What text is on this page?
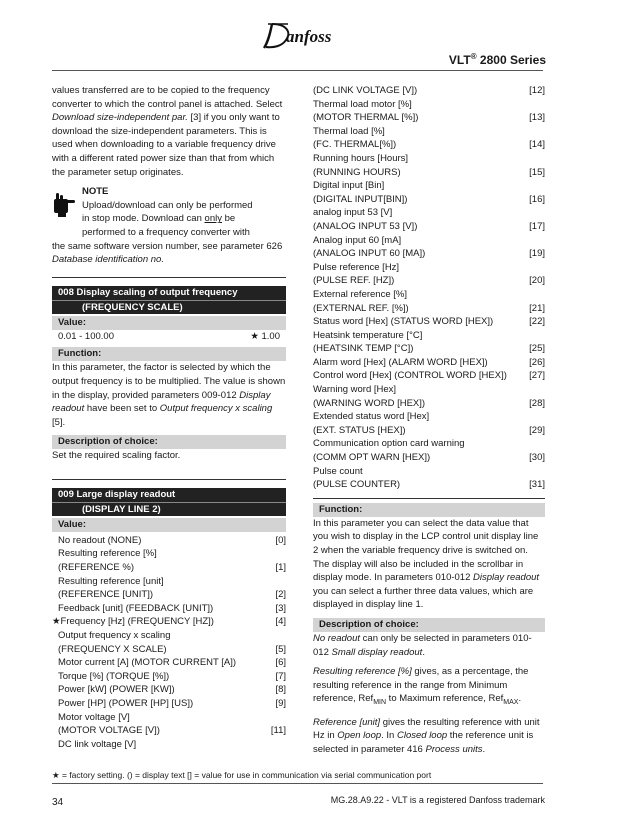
anfoss
VLT® 2800 Series

values transferred are to be copied to the frequency converter to which the control panel is attached. Select Download size-independent par. [3] if you only want to download the size-independent parameters. This is used when downloading to a variable frequency drive with a different rated power size than that from which the parameter setup originates.

NOTE
Upload/download can only be performed
in stop mode. Download can only be
performed to a frequency converter with
the same software version number, see parameter 626 Database identification no.
008 Display scaling of output frequency
(FREQUENCY SCALE)
Value:
0.01 - 100.00	★ 1.00
Function:

In this parameter, the factor is selected by which the output frequency is to be multiplied. The value is shown in the display, provided parameters 009-012 Display readout have been set to Output frequency x scaling [5].

Description of choice:

Set the required scaling factor.

009 Large display readout
(DISPLAY LINE 2)
Value:
No readout (NONE)	[0]
Resulting reference [%]
(REFERENCE %)	[1]
Resulting reference [unit]
(REFERENCE [UNIT])	[2]
Feedback [unit] (FEEDBACK [UNIT])	[3]
★Frequency [Hz] (FREQUENCY [HZ])	[4]
Output frequency x scaling
(FREQUENCY X SCALE)	[5]
Motor current [A] (MOTOR CURRENT [A])	[6]
Torque [%] (TORQUE [%])	[7]
Power [kW] (POWER [KW])	[8]
Power [HP] (POWER [HP] [US])	[9]
Motor voltage [V]
(MOTOR VOLTAGE [V])	[11]
DC link voltage [V]
(DC LINK VOLTAGE [V])	[12]
Thermal load motor [%]
(MOTOR THERMAL [%])	[13]
Thermal load [%]
(FC. THERMAL[%])	[14]
Running hours [Hours]
(RUNNING HOURS)	[15]
Digital input [Bin]
(DIGITAL INPUT[BIN])	[16]
analog input 53 [V]
(ANALOG INPUT 53 [V])	[17]
Analog input 60 [mA]
(ANALOG INPUT 60 [MA])	[19]
Pulse reference [Hz]
(PULSE REF. [HZ])	[20]
External reference [%]
(EXTERNAL REF. [%])	[21]
Status word [Hex] (STATUS WORD [HEX])	[22]
Heatsink temperature [°C]
(HEATSINK TEMP [°C])	[25]
Alarm word [Hex] (ALARM WORD [HEX])	[26]
Control word [Hex] (CONTROL WORD [HEX]) [27]
Warning word [Hex]
(WARNING WORD [HEX])	[28]
Extended status word [Hex]
(EXT. STATUS [HEX])	[29]
Communication option card warning
(COMM OPT WARN [HEX])	[30]
Pulse count
(PULSE COUNTER)	[31]
Function:

In this parameter you can select the data value that you wish to display in the LCP control unit display line 2 when the variable frequency drive is switched on. The display will also be included in the scrollbar in display mode. In parameters 010-012 Display readout you can select a further three data values, which are displayed in display line 1.

Description of choice:

No readout can only be selected in parameters 010-012 Small display readout.

Resulting reference [%] gives, as a percentage, the resulting reference in the range from Minimum reference, Ref$_{MIN}$ to Maximum reference, Ref$_{MAX}$.

Reference [unit] gives the resulting reference with unit Hz in Open loop. In Closed loop the reference unit is selected in parameter 416 Process units.

★ = factory setting. () = display text [] = value for use in communication via serial communication port
34	MG.28.A9.22 - VLT is a registered Danfoss trademark
